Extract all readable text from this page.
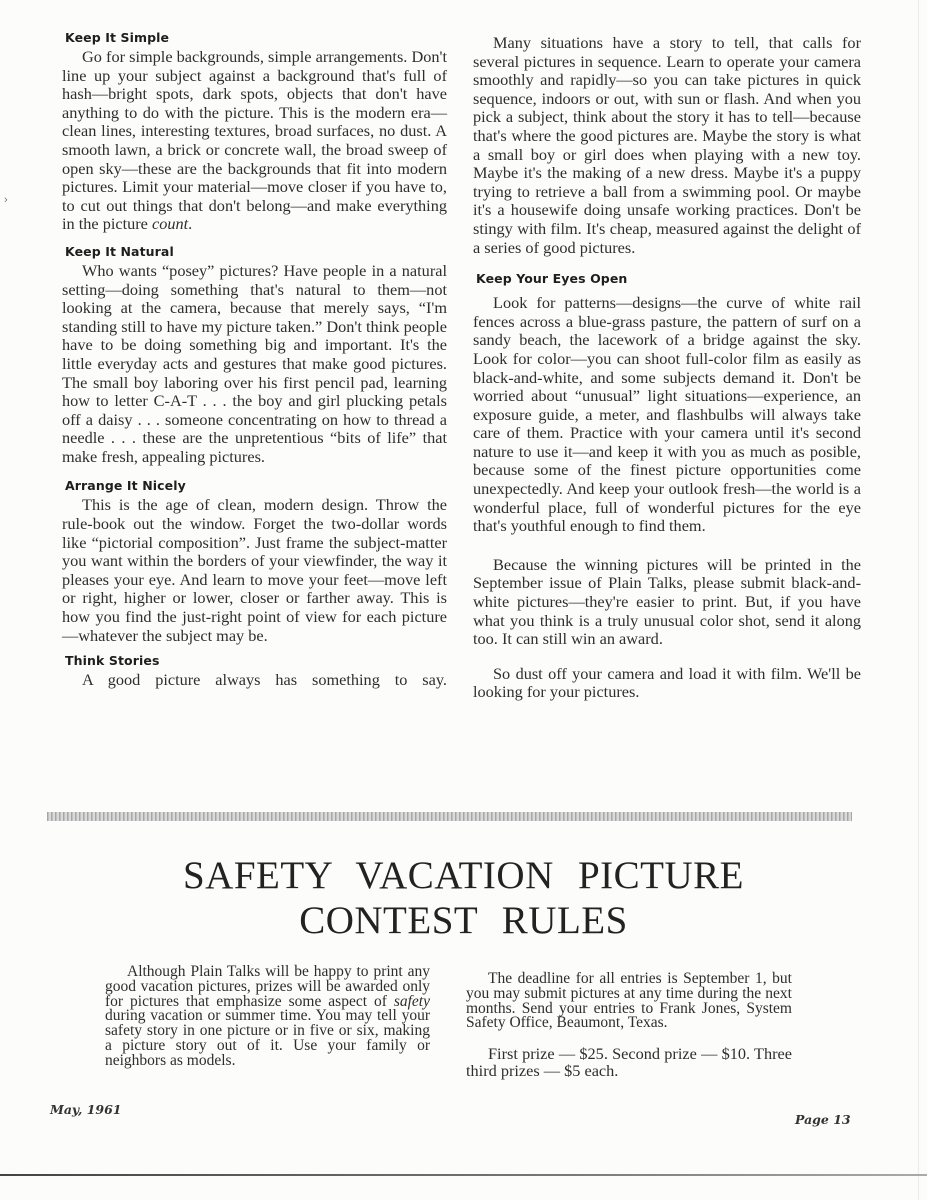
›
Keep It Simple

Go for simple backgrounds, simple arrangements. Don't line up your subject against a background that's full of hash—bright spots, dark spots, objects that don't have anything to do with the picture. This is the modern era—clean lines, interesting textures, broad surfaces, no dust. A smooth lawn, a brick or concrete wall, the broad sweep of open sky—these are the backgrounds that fit into modern pictures. Limit your material—move closer if you have to, to cut out things that don't belong—and make everything in the picture count.

Keep It Natural

Who wants “posey” pictures? Have people in a natural setting—doing something that's natural to them—not looking at the camera, because that merely says, “I'm standing still to have my picture taken.” Don't think people have to be doing something big and important. It's the little everyday acts and gestures that make good pictures. The small boy laboring over his first pencil pad, learning how to letter C-A-T . . . the boy and girl plucking petals off a daisy . . . someone concentrating on how to thread a needle . . . these are the unpretentious “bits of life” that make fresh, appealing pictures.

Arrange It Nicely

This is the age of clean, modern design. Throw the rule-book out the window. Forget the two-dollar words like “pictorial composition”. Just frame the subject-matter you want within the borders of your viewfinder, the way it pleases your eye. And learn to move your feet—move left or right, higher or lower, closer or farther away. This is how you find the just-right point of view for each picture—whatever the subject may be.

Think Stories

A good picture always has something to say.

Many situations have a story to tell, that calls for several pictures in sequence. Learn to operate your camera smoothly and rapidly—so you can take pictures in quick sequence, indoors or out, with sun or flash. And when you pick a subject, think about the story it has to tell—because that's where the good pictures are. Maybe the story is what a small boy or girl does when playing with a new toy. Maybe it's the making of a new dress. Maybe it's a puppy trying to retrieve a ball from a swimming pool. Or maybe it's a housewife doing unsafe working practices. Don't be stingy with film. It's cheap, measured against the delight of a series of good pictures.

Keep Your Eyes Open

Look for patterns—designs—the curve of white rail fences across a blue-grass pasture, the pattern of surf on a sandy beach, the lacework of a bridge against the sky. Look for color—you can shoot full-color film as easily as black-and-white, and some subjects demand it. Don't be worried about “unusual” light situations—experience, an exposure guide, a meter, and flashbulbs will always take care of them. Practice with your camera until it's second nature to use it—and keep it with you as much as posible, because some of the finest picture opportunities come unexpectedly. And keep your outlook fresh—the world is a wonderful place, full of wonderful pictures for the eye that's youthful enough to find them.

Because the winning pictures will be printed in the September issue of Plain Talks, please submit black-and-white pictures—they're easier to print. But, if you have what you think is a truly unusual color shot, send it along too. It can still win an award.

So dust off your camera and load it with film. We'll be looking for your pictures.

SAFETY VACATION PICTURE
CONTEST RULES

Although Plain Talks will be happy to print any good vacation pictures, prizes will be awarded only for pictures that emphasize some aspect of safety during vacation or summer time. You may tell your safety story in one picture or in five or six, making a picture story out of it. Use your family or neighbors as models.

The deadline for all entries is September 1, but you may submit pictures at any time during the next months. Send your entries to Frank Jones, System Safety Office, Beaumont, Texas.

First prize — $25. Second prize — $10. Three third prizes — $5 each.

May, 1961
Page 13
